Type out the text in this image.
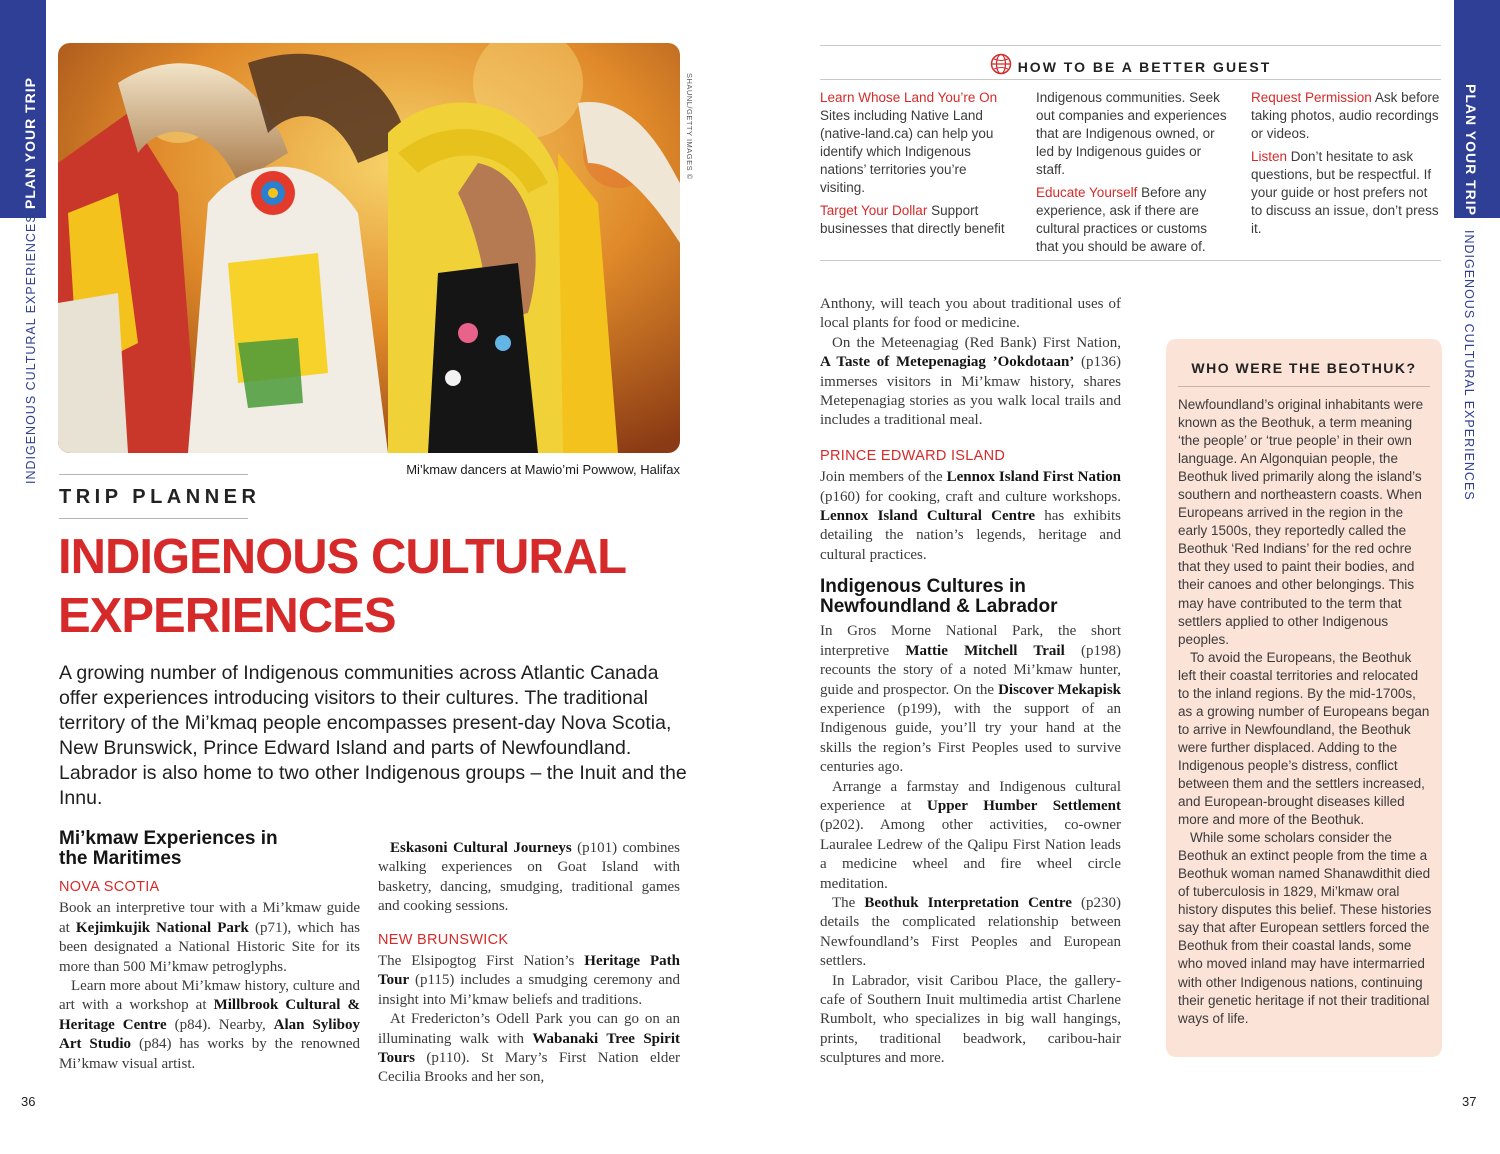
PLAN YOUR TRIP
INDIGENOUS CULTURAL EXPERIENCES
PLAN YOUR TRIP
INDIGENOUS CULTURAL EXPERIENCES
SHAUNL/GETTY IMAGES ©
Mi’kmaw dancers at Mawio’mi Powwow, Halifax
TRIP PLANNER
INDIGENOUS CULTURAL
EXPERIENCES
A growing number of Indigenous communities across Atlantic Canada offer experiences introducing visitors to their cultures. The traditional territory of the Mi’kmaq people encompasses present-day Nova Scotia, New Brunswick, Prince Edward Island and parts of Newfoundland. Labrador is also home to two other Indigenous groups – the Inuit and the Innu.
Mi’kmaw Experiences in
the Maritimes

NOVA SCOTIA

Book an interpretive tour with a Mi’kmaw guide at Kejimkujik National Park (p71), which has been designated a National Historic Site for its more than 500 Mi’kmaw petroglyphs.

Learn more about Mi’kmaw history, culture and art with a workshop at Millbrook Cultural & Heritage Centre (p84). Nearby, Alan Syliboy Art Studio (p84) has works by the renowned Mi’kmaw visual artist.

Eskasoni Cultural Journeys (p101) combines walking experiences on Goat Island with basketry, dancing, smudging, traditional games and cooking sessions.

NEW BRUNSWICK

The Elsipogtog First Nation’s Heritage Path Tour (p115) includes a smudging ceremony and insight into Mi’kmaw beliefs and traditions.

At Fredericton’s Odell Park you can go on an illuminating walk with Wabanaki Tree Spirit Tours (p110). St Mary’s First Nation elder Cecilia Brooks and her son,

HOW TO BE A BETTER GUEST

Learn Whose Land You’re On Sites including Native Land (native-land.ca) can help you identify which Indigenous nations’ territories you’re visiting.

Target Your Dollar Support businesses that directly benefit

Indigenous communities. Seek out companies and experiences that are Indigenous owned, or led by Indigenous guides or staff.

Educate Yourself Before any experience, ask if there are cultural practices or customs that you should be aware of.

Request Permission Ask before taking photos, audio recordings or videos.

Listen Don’t hesitate to ask questions, but be respectful. If your guide or host prefers not to discuss an issue, don’t press it.

Anthony, will teach you about traditional uses of local plants for food or medicine.

On the Meteenagiag (Red Bank) First Nation, A Taste of Metepenagiag ’Ookdotaan’ (p136) immerses visitors in Mi’kmaw history, shares Metepenagiag stories as you walk local trails and includes a traditional meal.

PRINCE EDWARD ISLAND

Join members of the Lennox Island First Nation (p160) for cooking, craft and culture workshops. Lennox Island Cultural Centre has exhibits detailing the nation’s legends, heritage and cultural practices.

Indigenous Cultures in
Newfoundland & Labrador

In Gros Morne National Park, the short interpretive Mattie Mitchell Trail (p198) recounts the story of a noted Mi’kmaw hunter, guide and prospector. On the Discover Mekapisk experience (p199), with the support of an Indigenous guide, you’ll try your hand at the skills the region’s First Peoples used to survive centuries ago.

Arrange a farmstay and Indigenous cultural experience at Upper Humber Settlement (p202). Among other activities, co-owner Lauralee Ledrew of the Qalipu First Nation leads a medicine wheel and fire wheel circle meditation.

The Beothuk Interpretation Centre (p230) details the complicated relationship between Newfoundland’s First Peoples and European settlers.

In Labrador, visit Caribou Place, the gallery-cafe of Southern Inuit multimedia artist Charlene Rumbolt, who specializes in big wall hangings, prints, traditional beadwork, caribou-hair sculptures and more.

WHO WERE THE BEOTHUK?

Newfoundland’s original inhabitants were known as the Beothuk, a term meaning ‘the people’ or ‘true people’ in their own language. An Algonquian people, the Beothuk lived primarily along the island’s southern and northeastern coasts. When Europeans arrived in the region in the early 1500s, they reportedly called the Beothuk ‘Red Indians’ for the red ochre that they used to paint their bodies, and their canoes and other belongings. This may have contributed to the term that settlers applied to other Indigenous peoples.

To avoid the Europeans, the Beothuk left their coastal territories and relocated to the inland regions. By the mid-1700s, as a growing number of Europeans began to arrive in Newfoundland, the Beothuk were further displaced. Adding to the Indigenous people’s distress, conflict between them and the settlers increased, and European-brought diseases killed more and more of the Beothuk.

While some scholars consider the Beothuk an extinct people from the time a Beothuk woman named Shanawdithit died of tuberculosis in 1829, Mi’kmaw oral history disputes this belief. These histories say that after European settlers forced the Beothuk from their coastal lands, some who moved inland may have intermarried with other Indigenous nations, continuing their genetic heritage if not their traditional ways of life.

36	37
